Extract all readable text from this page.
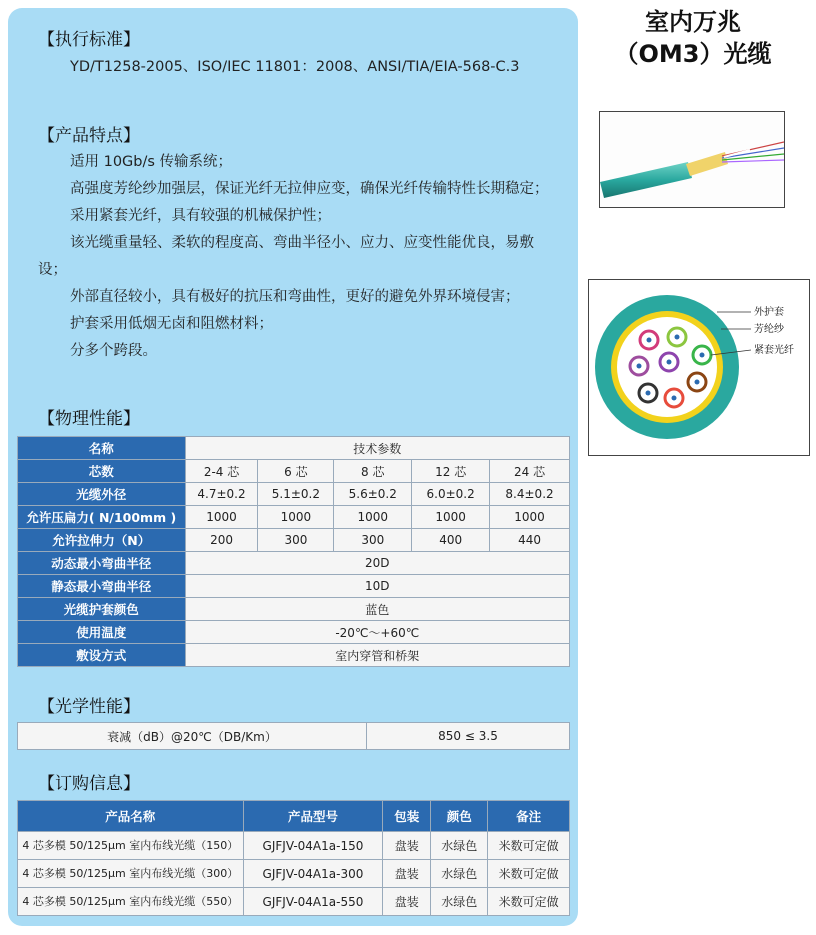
【执行标准】
YD/T1258-2005、ISO/IEC 11801：2008、ANSI/TIA/EIA-568-C.3
【产品特点】
适用 10Gb/s 传输系统；
高强度芳纶纱加强层，保证光纤无拉伸应变，确保光纤传输特性长期稳定；
采用紧套光纤，具有较强的机械保护性；
该光缆重量轻、柔软的程度高、弯曲半径小、应力、应变性能优良，易敷设；
外部直径较小，具有极好的抗压和弯曲性，更好的避免外界环境侵害；
护套采用低烟无卤和阻燃材料；
分多个跨段。
【物理性能】
名称	技术参数				
芯数	2-4 芯	6 芯	8 芯	12 芯	24 芯
光缆外径	4.7±0.2	5.1±0.2	5.6±0.2	6.0±0.2	8.4±0.2
允许压扁力( N/100mm )	1000	1000	1000	1000	1000
允许拉伸力（N）	200	300	300	400	440
动态最小弯曲半径	20D				
静态最小弯曲半径	10D				
光缆护套颜色	蓝色				
使用温度	-20℃～+60℃				
敷设方式	室内穿管和桥架				
【光学性能】
衰减（dB）@20℃（DB/Km）	850 ≤ 3.5
【订购信息】
产品名称	产品型号	包装	颜色	备注
4 芯多模 50/125μm 室内布线光缆（150）	GJFJV-04A1a-150	盘装	水绿色	米数可定做
4 芯多模 50/125μm 室内布线光缆（300）	GJFJV-04A1a-300	盘装	水绿色	米数可定做
4 芯多模 50/125μm 室内布线光缆（550）	GJFJV-04A1a-550	盘装	水绿色	米数可定做
室内万兆
（OM3）光缆
外护套
芳纶纱
紧套光纤
